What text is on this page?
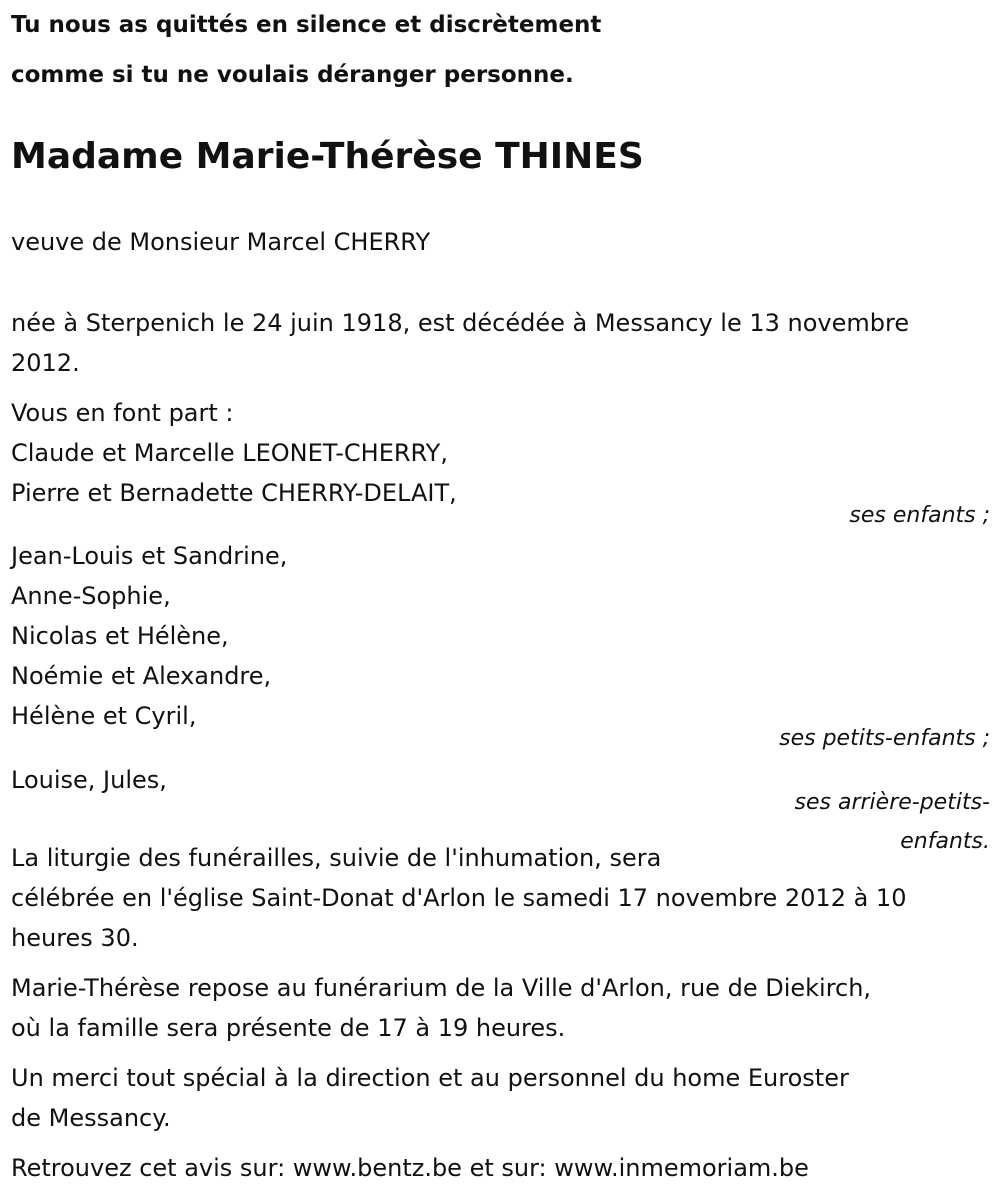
Tu nous as quittés en silence et discrètement
comme si tu ne voulais déranger personne.
Madame Marie-Thérèse THINES
veuve de Monsieur Marcel CHERRY
née à Sterpenich le 24 juin 1918, est décédée à Messancy le 13 novembre
2012.
Vous en font part :
Claude et Marcelle LEONET-CHERRY,
Pierre et Bernadette CHERRY-DELAIT,
ses enfants ;
Jean-Louis et Sandrine,
Anne-Sophie,
Nicolas et Hélène,
Noémie et Alexandre,
Hélène et Cyril,
ses petits-enfants ;
Louise, Jules,
ses arrière-petits-
enfants.
La liturgie des funérailles, suivie de l'inhumation, sera
célébrée en l'église Saint-Donat d'Arlon le samedi 17 novembre 2012 à 10
heures 30.
Marie-Thérèse repose au funérarium de la Ville d'Arlon, rue de Diekirch,
où la famille sera présente de 17 à 19 heures.
Un merci tout spécial à la direction et au personnel du home Euroster
de Messancy.
Retrouvez cet avis sur: www.bentz.be et sur: www.inmemoriam.be
